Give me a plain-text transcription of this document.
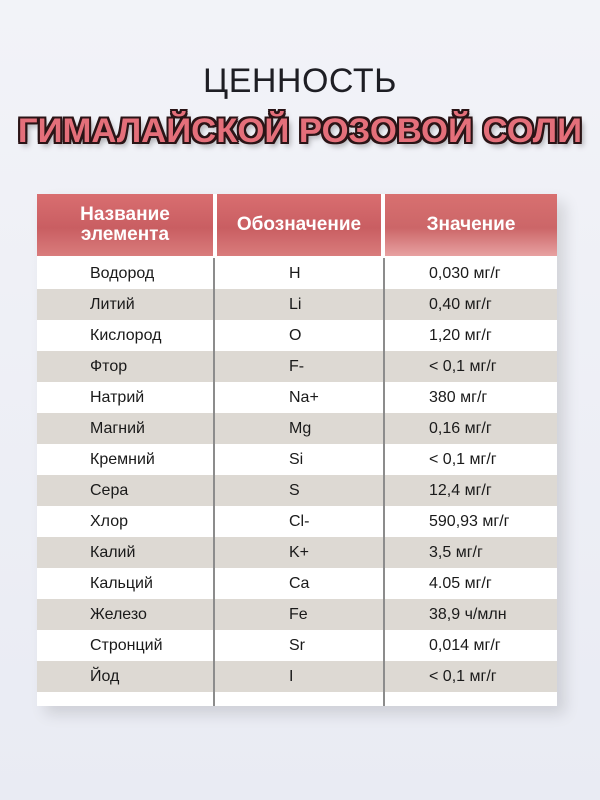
ЦЕННОСТЬ
ГИМАЛАЙСКОЙ РОЗОВОЙ СОЛИ
Название элемента	Обозначение	Значение
Водород	H	0,030 мг/г
Литий	Li	0,40 мг/г
Кислород	O	1,20 мг/г
Фтор	F-	< 0,1 мг/г
Натрий	Na+	380 мг/г
Магний	Mg	0,16 мг/г
Кремний	Si	< 0,1 мг/г
Сера	S	12,4 мг/г
Хлор	Cl-	590,93 мг/г
Калий	K+	3,5 мг/г
Кальций	Ca	4.05 мг/г
Железо	Fe	38,9 ч/млн
Стронций	Sr	0,014 мг/г
Йод	I	< 0,1 мг/г
